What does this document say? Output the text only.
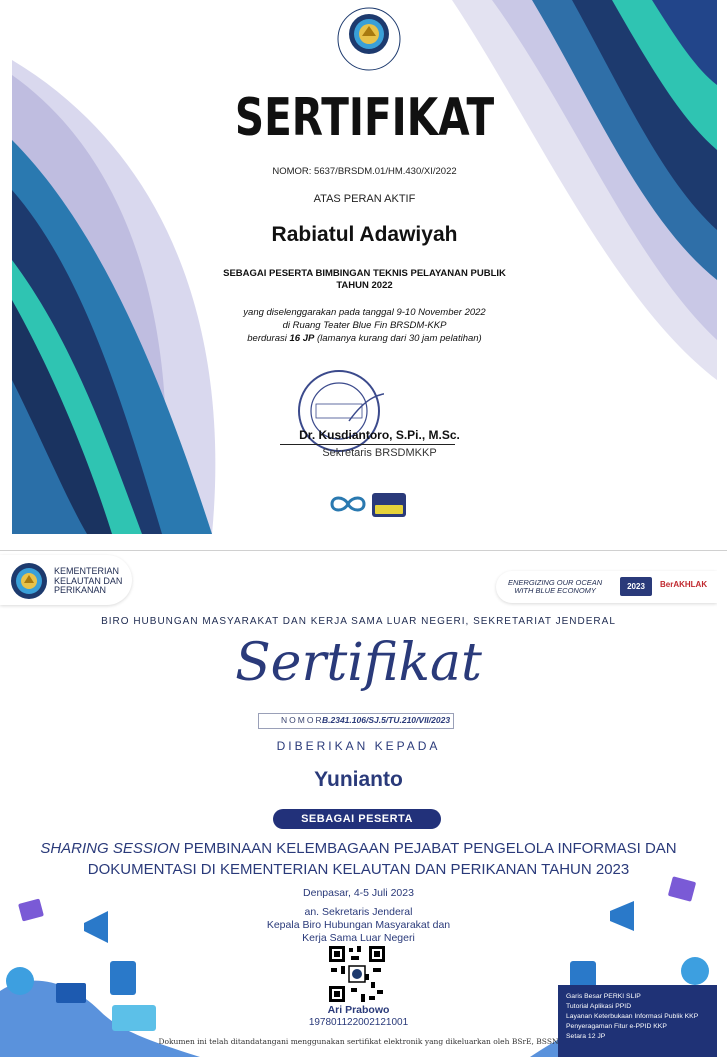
SERTIFIKAT
NOMOR: 5637/BRSDM.01/HM.430/XI/2022
ATAS PERAN AKTIF
Rabiatul Adawiyah
SEBAGAI PESERTA BIMBINGAN TEKNIS PELAYANAN PUBLIK
TAHUN 2022
yang diselenggarakan pada tanggal 9-10 November 2022
di Ruang Teater Blue Fin BRSDM-KKP
berdurasi 16 JP (lamanya kurang dari 30 jam pelatihan)
Dr. Kusdiantoro, S.Pi., M.Sc.
Sekretaris BRSDMKKP
KEMENTERIAN
KELAUTAN DAN
PERIKANAN
ENERGIZING OUR OCEAN
WITH BLUE ECONOMY	2023	BerAKHLAK
BIRO HUBUNGAN MASYARAKAT DAN KERJA SAMA LUAR NEGERI, SEKRETARIAT JENDERAL
Sertifikat
NOMOR
B.2341.106/SJ.5/TU.210/VII/2023
DIBERIKAN KEPADA
Yunianto
SEBAGAI PESERTA
SHARING SESSION PEMBINAAN KELEMBAGAAN PEJABAT PENGELOLA INFORMASI DAN
DOKUMENTASI DI KEMENTERIAN KELAUTAN DAN PERIKANAN TAHUN 2023
Denpasar, 4-5 Juli 2023
an. Sekretaris Jenderal
Kepala Biro Hubungan Masyarakat dan
Kerja Sama Luar Negeri
Ari Prabowo
197801122002121001
Garis Besar PERKI SLIP
Tutorial Aplikasi PPID
Layanan Keterbukaan Informasi Publik KKP
Penyeragaman Fitur e-PPID KKP
Setara 12 JP
Dokumen ini telah ditandatangani menggunakan sertifikat elektronik yang dikeluarkan oleh BSrE, BSSN
